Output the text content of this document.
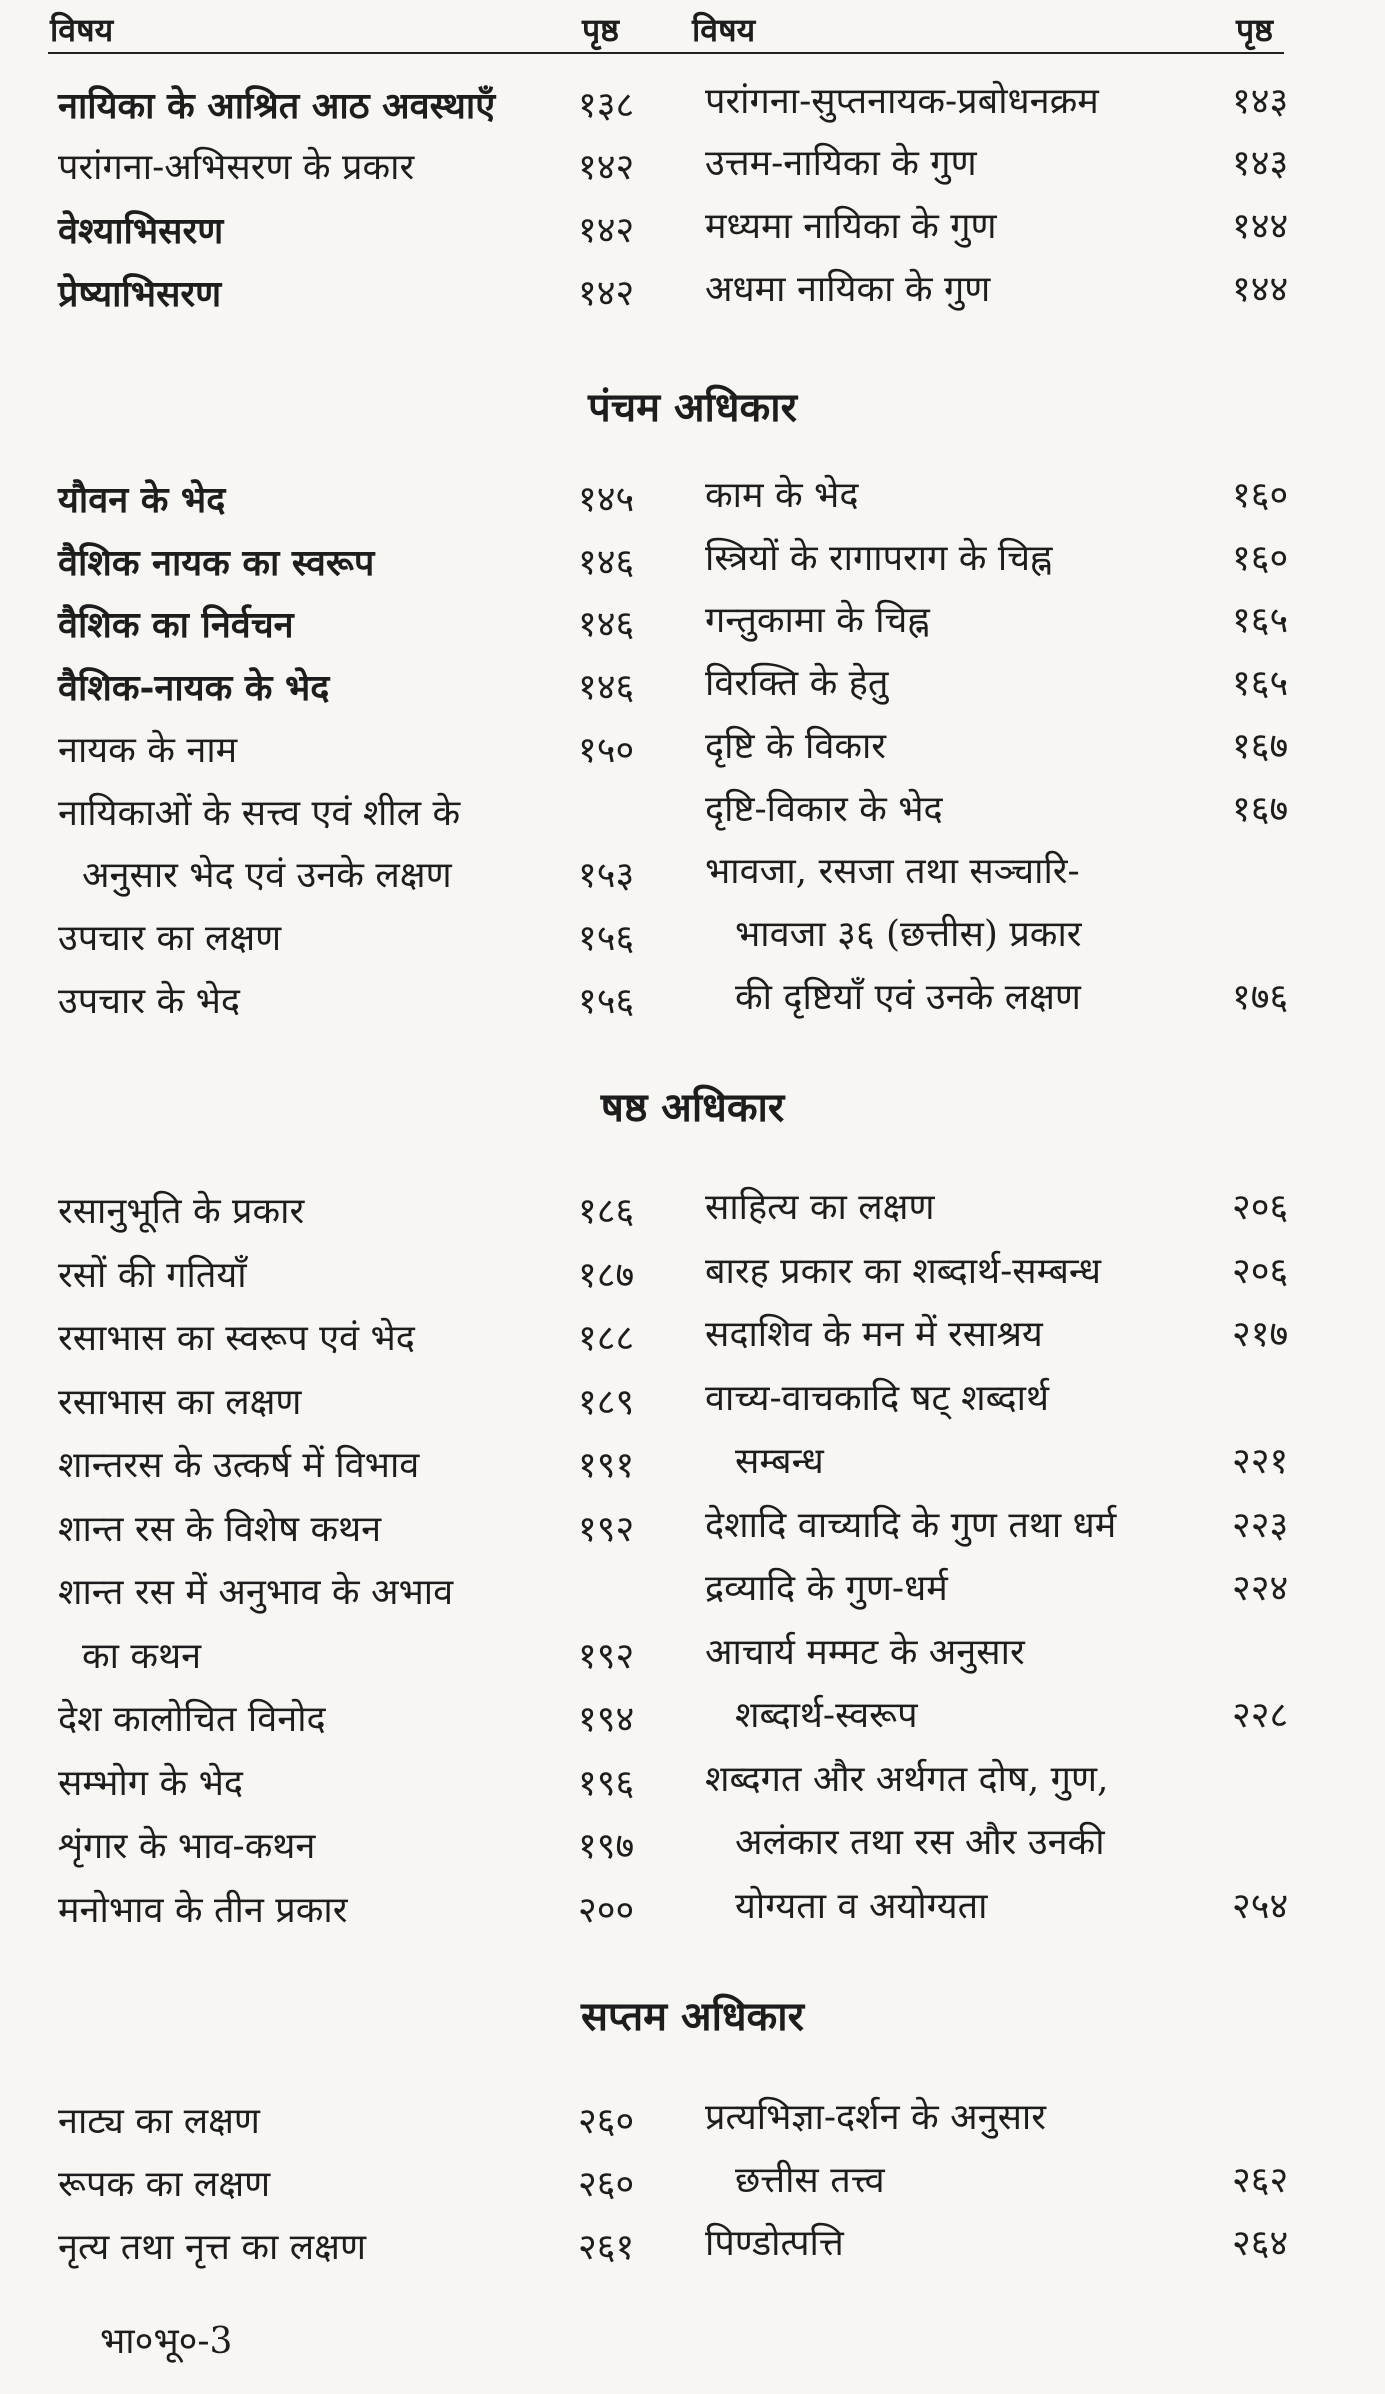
विषय	पृष्ठ विषय	पृष्ठ
पंचम अधिकार
षष्ठ अधिकार
सप्तम अधिकार
नायिका के आश्रित आठ अवस्थाएँ १३८
परांगना-अभिसरण के प्रकार	१४२
वेश्याभिसरण	१४२
प्रेष्याभिसरण	१४२
परांगना-सुप्तनायक-प्रबोधनक्रम	१४३
उत्तम-नायिका के गुण	१४३
मध्यमा नायिका के गुण	१४४
अधमा नायिका के गुण	१४४
यौवन के भेद	१४५
वैशिक नायक का स्वरूप	१४६
वैशिक का निर्वचन	१४६
वैशिक-नायक के भेद	१४६
नायक के नाम	१५०
नायिकाओं के सत्त्व एवं शील के
अनुसार भेद एवं उनके लक्षण	१५३
उपचार का लक्षण	१५६
उपचार के भेद	१५६
काम के भेद	१६०
स्त्रियों के रागापराग के चिह्न	१६०
गन्तुकामा के चिह्न	१६५
विरक्ति के हेतु	१६५
दृष्टि के विकार	१६७
दृष्टि-विकार के भेद	१६७
भावजा, रसजा तथा सञ्चारि-
भावजा ३६ (छत्तीस) प्रकार
की दृष्टियाँ एवं उनके लक्षण	१७६
रसानुभूति के प्रकार	१८६
रसों की गतियाँ	१८७
रसाभास का स्वरूप एवं भेद	१८८
रसाभास का लक्षण	१८९
शान्तरस के उत्कर्ष में विभाव	१९१
शान्त रस के विशेष कथन	१९२
शान्त रस में अनुभाव के अभाव
का कथन	१९२
देश कालोचित विनोद	१९४
सम्भोग के भेद	१९६
शृंगार के भाव-कथन	१९७
मनोभाव के तीन प्रकार	२००
साहित्य का लक्षण	२०६
बारह प्रकार का शब्दार्थ-सम्बन्ध	२०६
सदाशिव के मन में रसाश्रय	२१७
वाच्य-वाचकादि षट् शब्दार्थ
सम्बन्ध	२२१
देशादि वाच्यादि के गुण तथा धर्म	२२३
द्रव्यादि के गुण-धर्म	२२४
आचार्य मम्मट के अनुसार
शब्दार्थ-स्वरूप	२२८
शब्दगत और अर्थगत दोष, गुण,
अलंकार तथा रस और उनकी
योग्यता व अयोग्यता	२५४
नाट्य का लक्षण	२६०
रूपक का लक्षण	२६०
नृत्य तथा नृत्त का लक्षण	२६१
प्रत्यभिज्ञा-दर्शन के अनुसार
छत्तीस तत्त्व	२६२
पिण्डोत्पत्ति	२६४
भा०भू०-3
